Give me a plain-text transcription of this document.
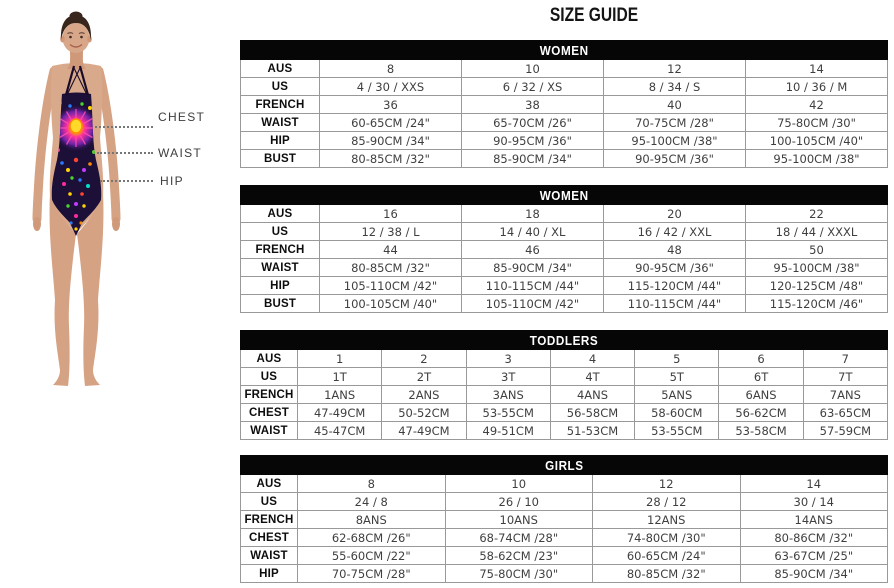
SIZE GUIDE
CHEST
WAIST
HIP
WOMEN				
AUS	8	10	12	14
US	4 / 30 / XXS	6 / 32 / XS	8 / 34 / S	10 / 36 / M
FRENCH	36	38	40	42
WAIST	60-65CM /24"	65-70CM /26"	70-75CM /28"	75-80CM /30"
HIP	85-90CM /34"	90-95CM /36"	95-100CM /38"	100-105CM /40"
BUST	80-85CM /32"	85-90CM /34"	90-95CM /36"	95-100CM /38"
WOMEN				
AUS	16	18	20	22
US	12 / 38 / L	14 / 40 / XL	16 / 42 / XXL	18 / 44 / XXXL
FRENCH	44	46	48	50
WAIST	80-85CM /32"	85-90CM /34"	90-95CM /36"	95-100CM /38"
HIP	105-110CM /42"	110-115CM /44"	115-120CM /44"	120-125CM /48"
BUST	100-105CM /40"	105-110CM /42"	110-115CM /44"	115-120CM /46"
TODDLERS							
AUS	1	2	3	4	5	6	7
US	1T	2T	3T	4T	5T	6T	7T
FRENCH	1ANS	2ANS	3ANS	4ANS	5ANS	6ANS	7ANS
CHEST	47-49CM	50-52CM	53-55CM	56-58CM	58-60CM	56-62CM	63-65CM
WAIST	45-47CM	47-49CM	49-51CM	51-53CM	53-55CM	53-58CM	57-59CM
GIRLS				
AUS	8	10	12	14
US	24 / 8	26 / 10	28 / 12	30 / 14
FRENCH	8ANS	10ANS	12ANS	14ANS
CHEST	62-68CM /26"	68-74CM /28"	74-80CM /30"	80-86CM /32"
WAIST	55-60CM /22"	58-62CM /23"	60-65CM /24"	63-67CM /25"
HIP	70-75CM /28"	75-80CM /30"	80-85CM /32"	85-90CM /34"
